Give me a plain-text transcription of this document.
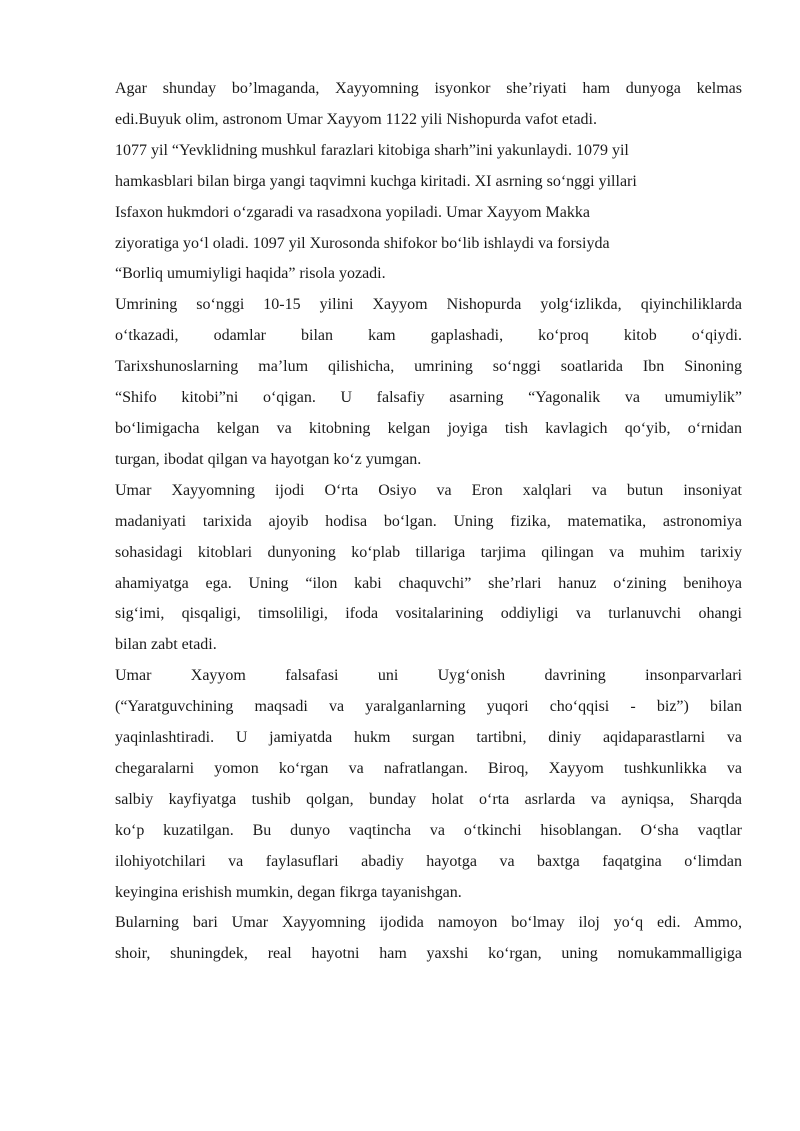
Agar shunday bo’lmaganda, Xayyomning isyonkor she’riyati ham dunyoga kelmas
edi.Buyuk olim, astronom Umar Xayyom 1122 yili Nishopurda vafot etadi.
1077 yil “Yevklidning mushkul farazlari kitobiga sharh”ini yakunlaydi. 1079 yil
hamkasblari bilan birga yangi taqvimni kuchga kiritadi. XI asrning so‘nggi yillari
Isfaxon hukmdori o‘zgaradi va rasadxona yopiladi. Umar Xayyom Makka
ziyoratiga yo‘l oladi. 1097 yil Xurosonda shifokor bo‘lib ishlaydi va forsiyda
“Borliq umumiyligi haqida” risola yozadi.
Umrining so‘nggi 10-15 yilini Xayyom Nishopurda yolg‘izlikda, qiyinchiliklarda
o‘tkazadi, odamlar bilan kam gaplashadi, ko‘proq kitob o‘qiydi.
Tarixshunoslarning ma’lum qilishicha, umrining so‘nggi soatlarida Ibn Sinoning
“Shifo kitobi”ni o‘qigan. U falsafiy asarning “Yagonalik va umumiylik”
bo‘limigacha kelgan va kitobning kelgan joyiga tish kavlagich qo‘yib, o‘rnidan
turgan, ibodat qilgan va hayotgan ko‘z yumgan.
Umar Xayyomning ijodi O‘rta Osiyo va Eron xalqlari va butun insoniyat
madaniyati tarixida ajoyib hodisa bo‘lgan. Uning fizika, matematika, astronomiya
sohasidagi kitoblari dunyoning ko‘plab tillariga tarjima qilingan va muhim tarixiy
ahamiyatga ega. Uning “ilon kabi chaquvchi” she’rlari hanuz o‘zining benihoya
sig‘imi, qisqaligi, timsoliligi, ifoda vositalarining oddiyligi va turlanuvchi ohangi
bilan zabt etadi.
Umar Xayyom falsafasi uni Uyg‘onish davrining insonparvarlari
(“Yaratguvchining maqsadi va yaralganlarning yuqori cho‘qqisi - biz”) bilan
yaqinlashtiradi. U jamiyatda hukm surgan tartibni, diniy aqidaparastlarni va
chegaralarni yomon ko‘rgan va nafratlangan. Biroq, Xayyom tushkunlikka va
salbiy kayfiyatga tushib qolgan, bunday holat o‘rta asrlarda va ayniqsa, Sharqda
ko‘p kuzatilgan. Bu dunyo vaqtincha va o‘tkinchi hisoblangan. O‘sha vaqtlar
ilohiyotchilari va faylasuflari abadiy hayotga va baxtga faqatgina o‘limdan
keyingina erishish mumkin, degan fikrga tayanishgan.
Bularning bari Umar Xayyomning ijodida namoyon bo‘lmay iloj yo‘q edi. Ammo,
shoir, shuningdek, real hayotni ham yaxshi ko‘rgan, uning nomukammalligiga
